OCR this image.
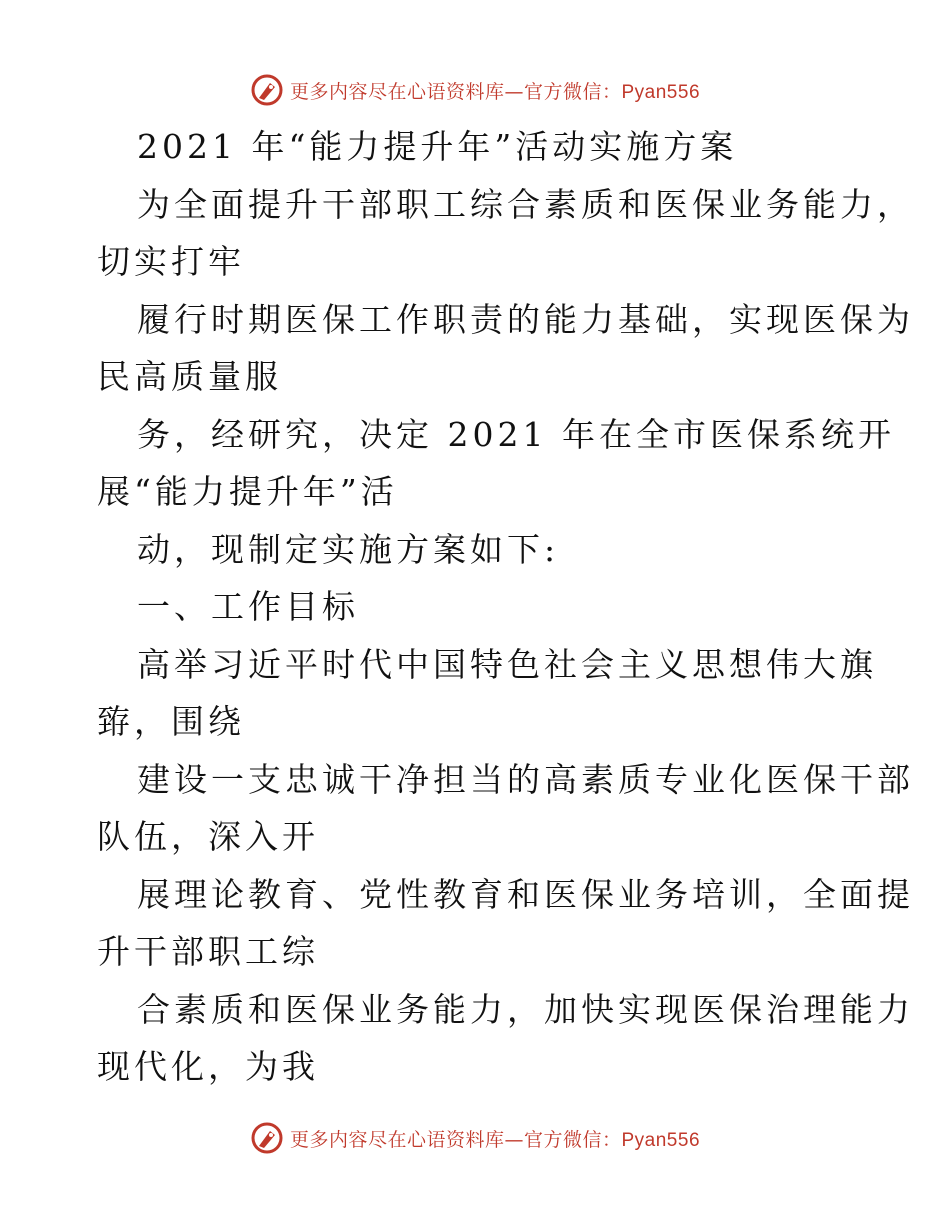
更多内容尽在心语资料库—官方微信：Pyan556

2021 年“能力提升年”活动实施方案

为全面提升干部职工综合素质和医保业务能力，

切实打牢

履行时期医保工作职责的能力基础，实现医保为

民高质量服

务，经研究，决定 2021 年在全市医保系统开

展“能力提升年”活

动，现制定实施方案如下:

一、工作目标

高举习近平时代中国特色社会主义思想伟大旗

臶，围绕

建设一支忠诚干净担当的高素质专业化医保干部

队伍，深入开

展理论教育、党性教育和医保业务培训，全面提

升干部职工综

合素质和医保业务能力，加快实现医保治理能力

现代化，为我

更多内容尽在心语资料库—官方微信：Pyan556
